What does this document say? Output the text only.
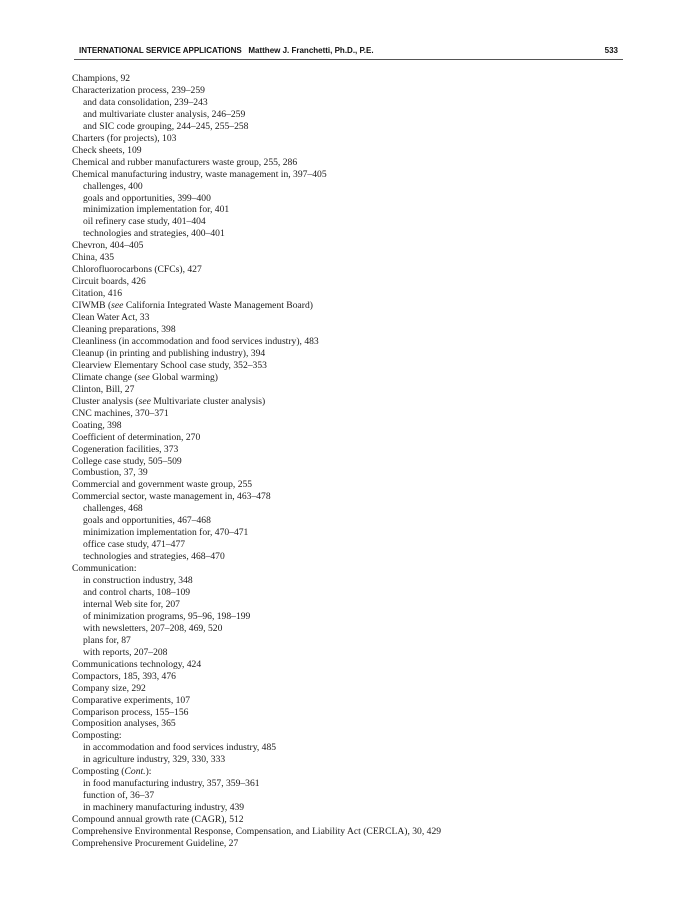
INTERNATIONAL SERVICE APPLICATIONS Matthew J. Franchetti, Ph.D., P.E.	533
Champions, 92
Characterization process, 239–259
and data consolidation, 239–243
and multivariate cluster analysis, 246–259
and SIC code grouping, 244–245, 255–258
Charters (for projects), 103
Check sheets, 109
Chemical and rubber manufacturers waste group, 255, 286
Chemical manufacturing industry, waste management in, 397–405
challenges, 400
goals and opportunities, 399–400
minimization implementation for, 401
oil refinery case study, 401–404
technologies and strategies, 400–401
Chevron, 404–405
China, 435
Chlorofluorocarbons (CFCs), 427
Circuit boards, 426
Citation, 416
CIWMB (see California Integrated Waste Management Board)
Clean Water Act, 33
Cleaning preparations, 398
Cleanliness (in accommodation and food services industry), 483
Cleanup (in printing and publishing industry), 394
Clearview Elementary School case study, 352–353
Climate change (see Global warming)
Clinton, Bill, 27
Cluster analysis (see Multivariate cluster analysis)
CNC machines, 370–371
Coating, 398
Coefficient of determination, 270
Cogeneration facilities, 373
College case study, 505–509
Combustion, 37, 39
Commercial and government waste group, 255
Commercial sector, waste management in, 463–478
challenges, 468
goals and opportunities, 467–468
minimization implementation for, 470–471
office case study, 471–477
technologies and strategies, 468–470
Communication:
in construction industry, 348
and control charts, 108–109
internal Web site for, 207
of minimization programs, 95–96, 198–199
with newsletters, 207–208, 469, 520
plans for, 87
with reports, 207–208
Communications technology, 424
Compactors, 185, 393, 476
Company size, 292
Comparative experiments, 107
Comparison process, 155–156
Composition analyses, 365
Composting:
in accommodation and food services industry, 485
in agriculture industry, 329, 330, 333
Composting (Cont.):
in food manufacturing industry, 357, 359–361
function of, 36–37
in machinery manufacturing industry, 439
Compound annual growth rate (CAGR), 512
Comprehensive Environmental Response, Compensation, and Liability Act (CERCLA), 30, 429
Comprehensive Procurement Guideline, 27
